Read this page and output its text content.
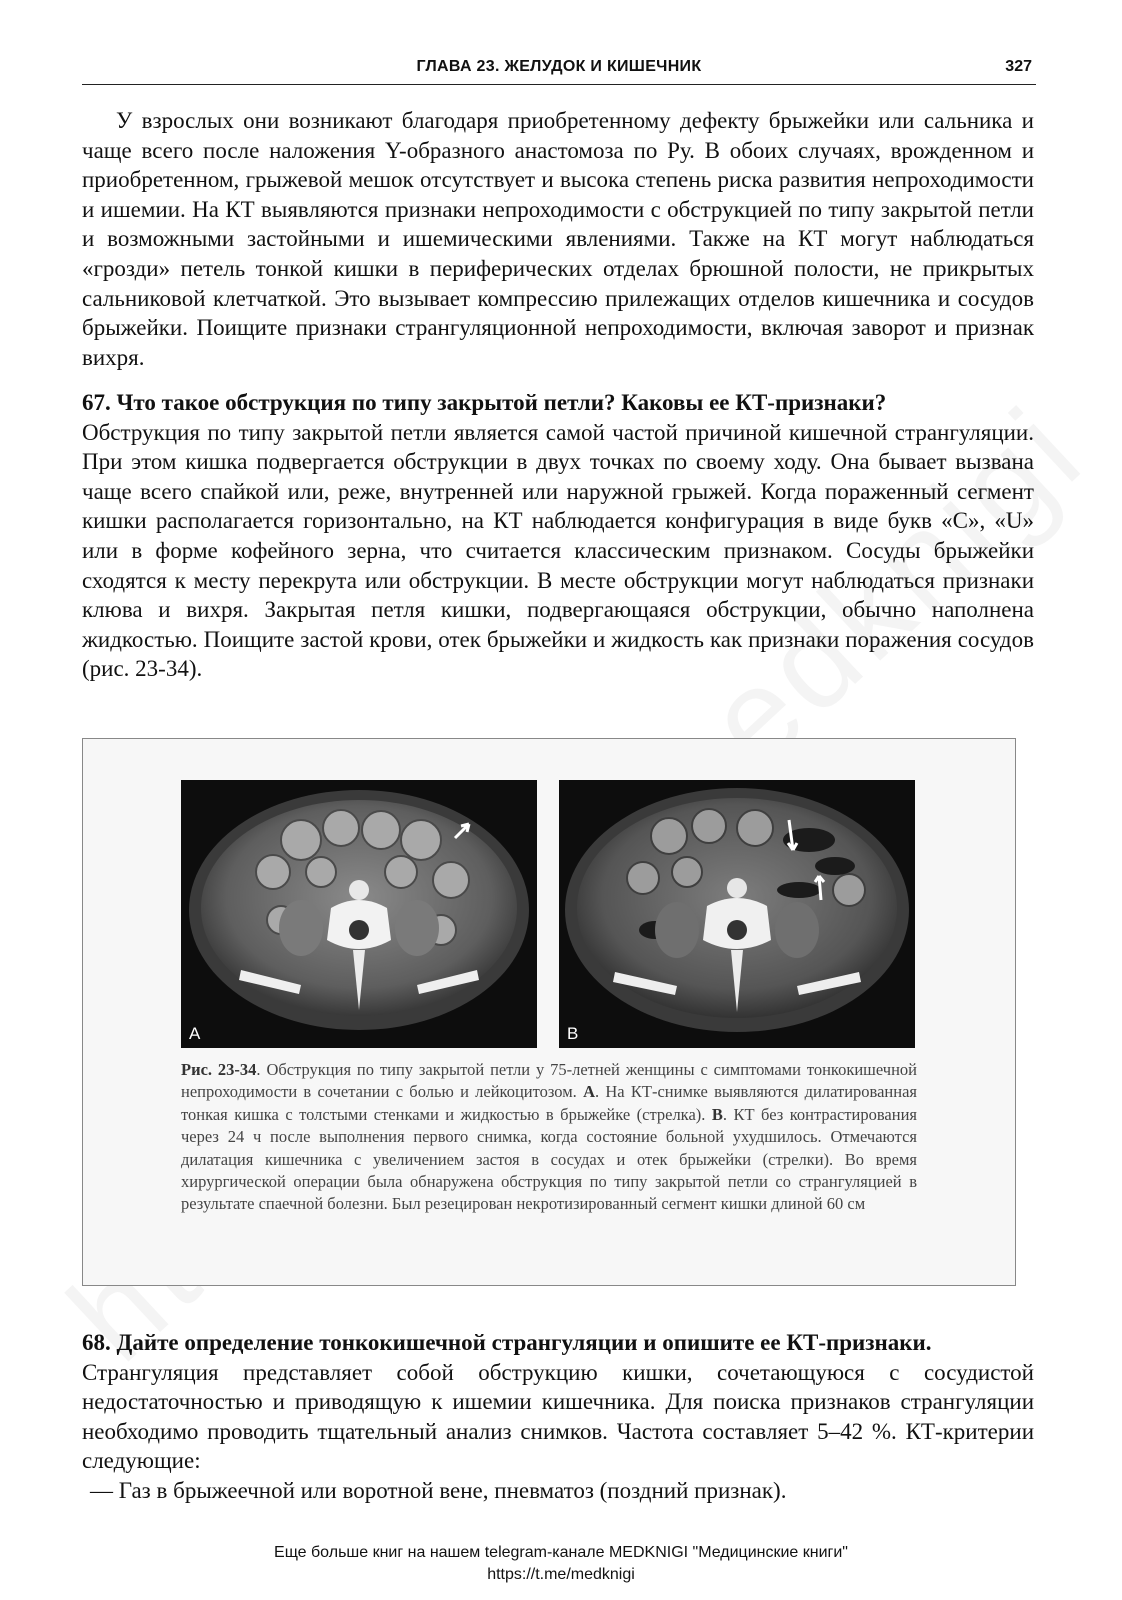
ГЛАВА 23. ЖЕЛУДОК И КИШЕЧНИК	327

У взрослых они возникают благодаря приобретенному дефекту брыжейки или сальника и чаще всего после наложения Y-образного анастомоза по Ру. В обоих случаях, врожденном и приобретенном, грыжевой мешок отсутствует и высока степень риска развития непроходимости и ишемии. На КТ выявляются признаки непроходимости с обструкцией по типу закрытой петли и возможными застойными и ишемическими явлениями. Также на КТ могут наблюдаться «грозди» петель тонкой кишки в периферических отделах брюшной полости, не прикрытых сальниковой клетчаткой. Это вызывает компрессию прилежащих отделов кишечника и сосудов брыжейки. Поищите признаки странгуляционной непроходимости, включая заворот и признак вихря.

67. Что такое обструкция по типу закрытой петли? Каковы ее КТ-признаки?

Обструкция по типу закрытой петли является самой частой причиной кишечной странгуляции. При этом кишка подвергается обструкции в двух точках по своему ходу. Она бывает вызвана чаще всего спайкой или, реже, внутренней или наружной грыжей. Когда пораженный сегмент кишки располагается горизонтально, на КТ наблюдается конфигурация в виде букв «С», «U» или в форме кофейного зерна, что считается классическим признаком. Сосуды брыжейки сходятся к месту перекрута или обструкции. В месте обструкции могут наблюдаться признаки клюва и вихря. Закрытая петля кишки, подвергающаяся обструкции, обычно наполнена жидкостью. Поищите застой крови, отек брыжейки и жидкость как признаки поражения сосудов (рис. 23-34).

A	B
Рис. 23-34. Обструкция по типу закрытой петли у 75-летней женщины с симптомами тонкокишечной непроходимости в сочетании с болью и лейкоцитозом. А. На КТ-снимке выявляются дилатированная тонкая кишка с толстыми стенками и жидкостью в брыжейке (стрелка). В. КТ без контрастирования через 24 ч после выполнения первого снимка, когда состояние больной ухудшилось. Отмечаются дилатация кишечника с увеличением застоя в сосудах и отек брыжейки (стрелки). Во время хирургической операции была обнаружена обструкция по типу закрытой петли со странгуляцией в результате спаечной болезни. Был резецирован некротизированный сегмент кишки длиной 60 см

68. Дайте определение тонкокишечной странгуляции и опишите ее КТ-признаки.

Странгуляция представляет собой обструкцию кишки, сочетающуюся с сосудистой недостаточностью и приводящую к ишемии кишечника. Для поиска признаков странгуляции необходимо проводить тщательный анализ снимков. Частота составляет 5–42 %. КТ-критерии следующие:

— Газ в брыжеечной или воротной вене, пневматоз (поздний признак).

Еще больше книг на нашем telegram-канале MEDKNIGI "Медицинские книги"
https://t.me/medknigi
